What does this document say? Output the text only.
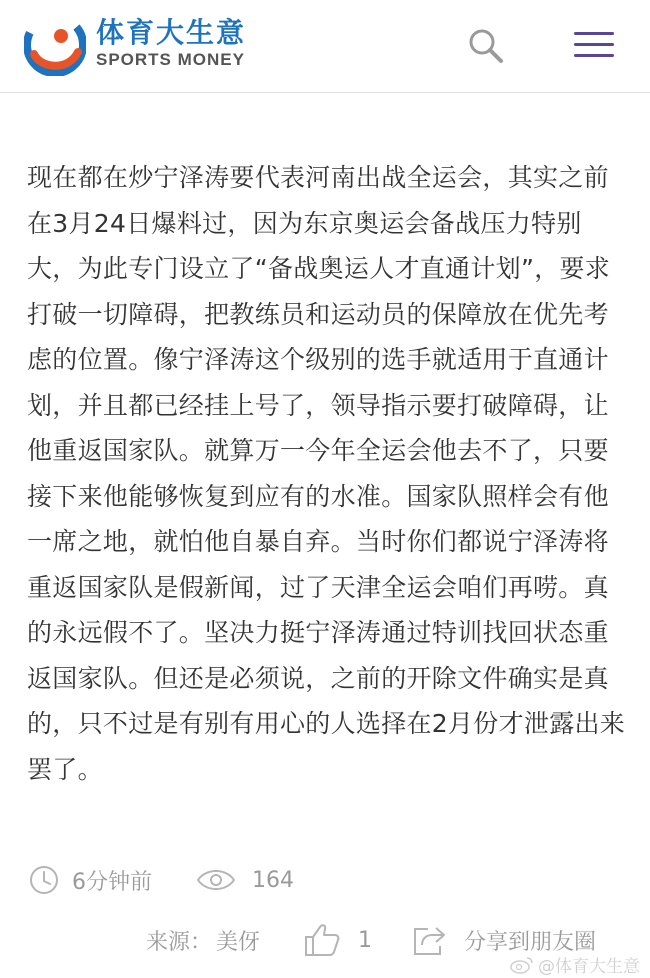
体育大生意
SPORTS MONEY

现在都在炒宁泽涛要代表河南出战全运会，其实之前在3月24日爆料过，因为东京奥运会备战压力特别大，为此专门设立了“备战奥运人才直通计划”，要求打破一切障碍，把教练员和运动员的保障放在优先考虑的位置。像宁泽涛这个级别的选手就适用于直通计划，并且都已经挂上号了，领导指示要打破障碍，让他重返国家队。就算万一今年全运会他去不了，只要接下来他能够恢复到应有的水准。国家队照样会有他一席之地，就怕他自暴自弃。当时你们都说宁泽涛将重返国家队是假新闻，过了天津全运会咱们再唠。真的永远假不了。坚决力挺宁泽涛通过特训找回状态重返国家队。但还是必须说，之前的开除文件确实是真的，只不过是有别有用心的人选择在2月份才泄露出来罢了。

6分钟前	164
来源： 美伢	1	分享到朋友圈
@体育大生意
